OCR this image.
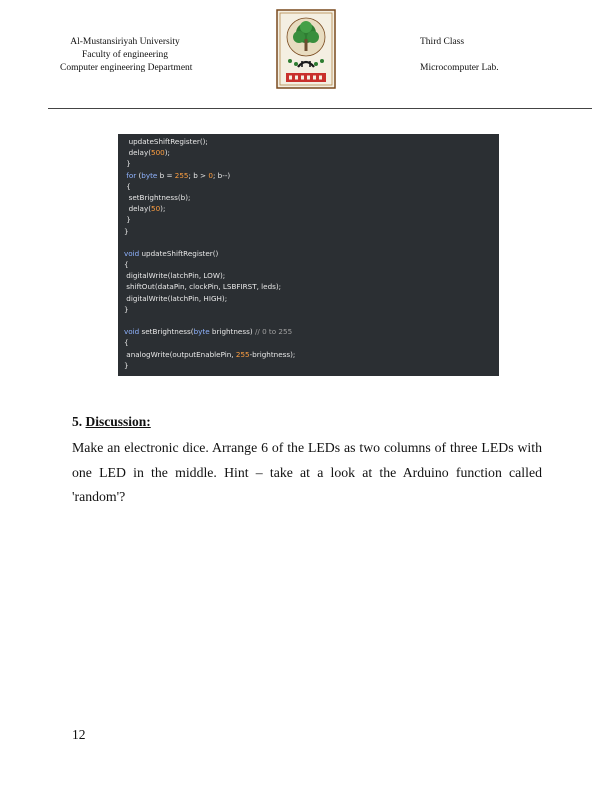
Al-Mustansiriyah University
Faculty of engineering
Computer engineering Department
Third Class
Microcomputer Lab.
updateShiftRegister();
delay(500);
}
for (byte b = 255; b > 0; b--)
{
setBrightness(b);
delay(50);
}
}
void updateShiftRegister()
{
digitalWrite(latchPin, LOW);
shiftOut(dataPin, clockPin, LSBFIRST, leds);
digitalWrite(latchPin, HIGH);
}
void setBrightness(byte brightness) // 0 to 255
{
analogWrite(outputEnablePin, 255-brightness);
}
5. Discussion:
Make an electronic dice. Arrange 6 of the LEDs as two columns of three LEDs with one LED in the middle. Hint – take at a look at the Arduino function called 'random'?
12
